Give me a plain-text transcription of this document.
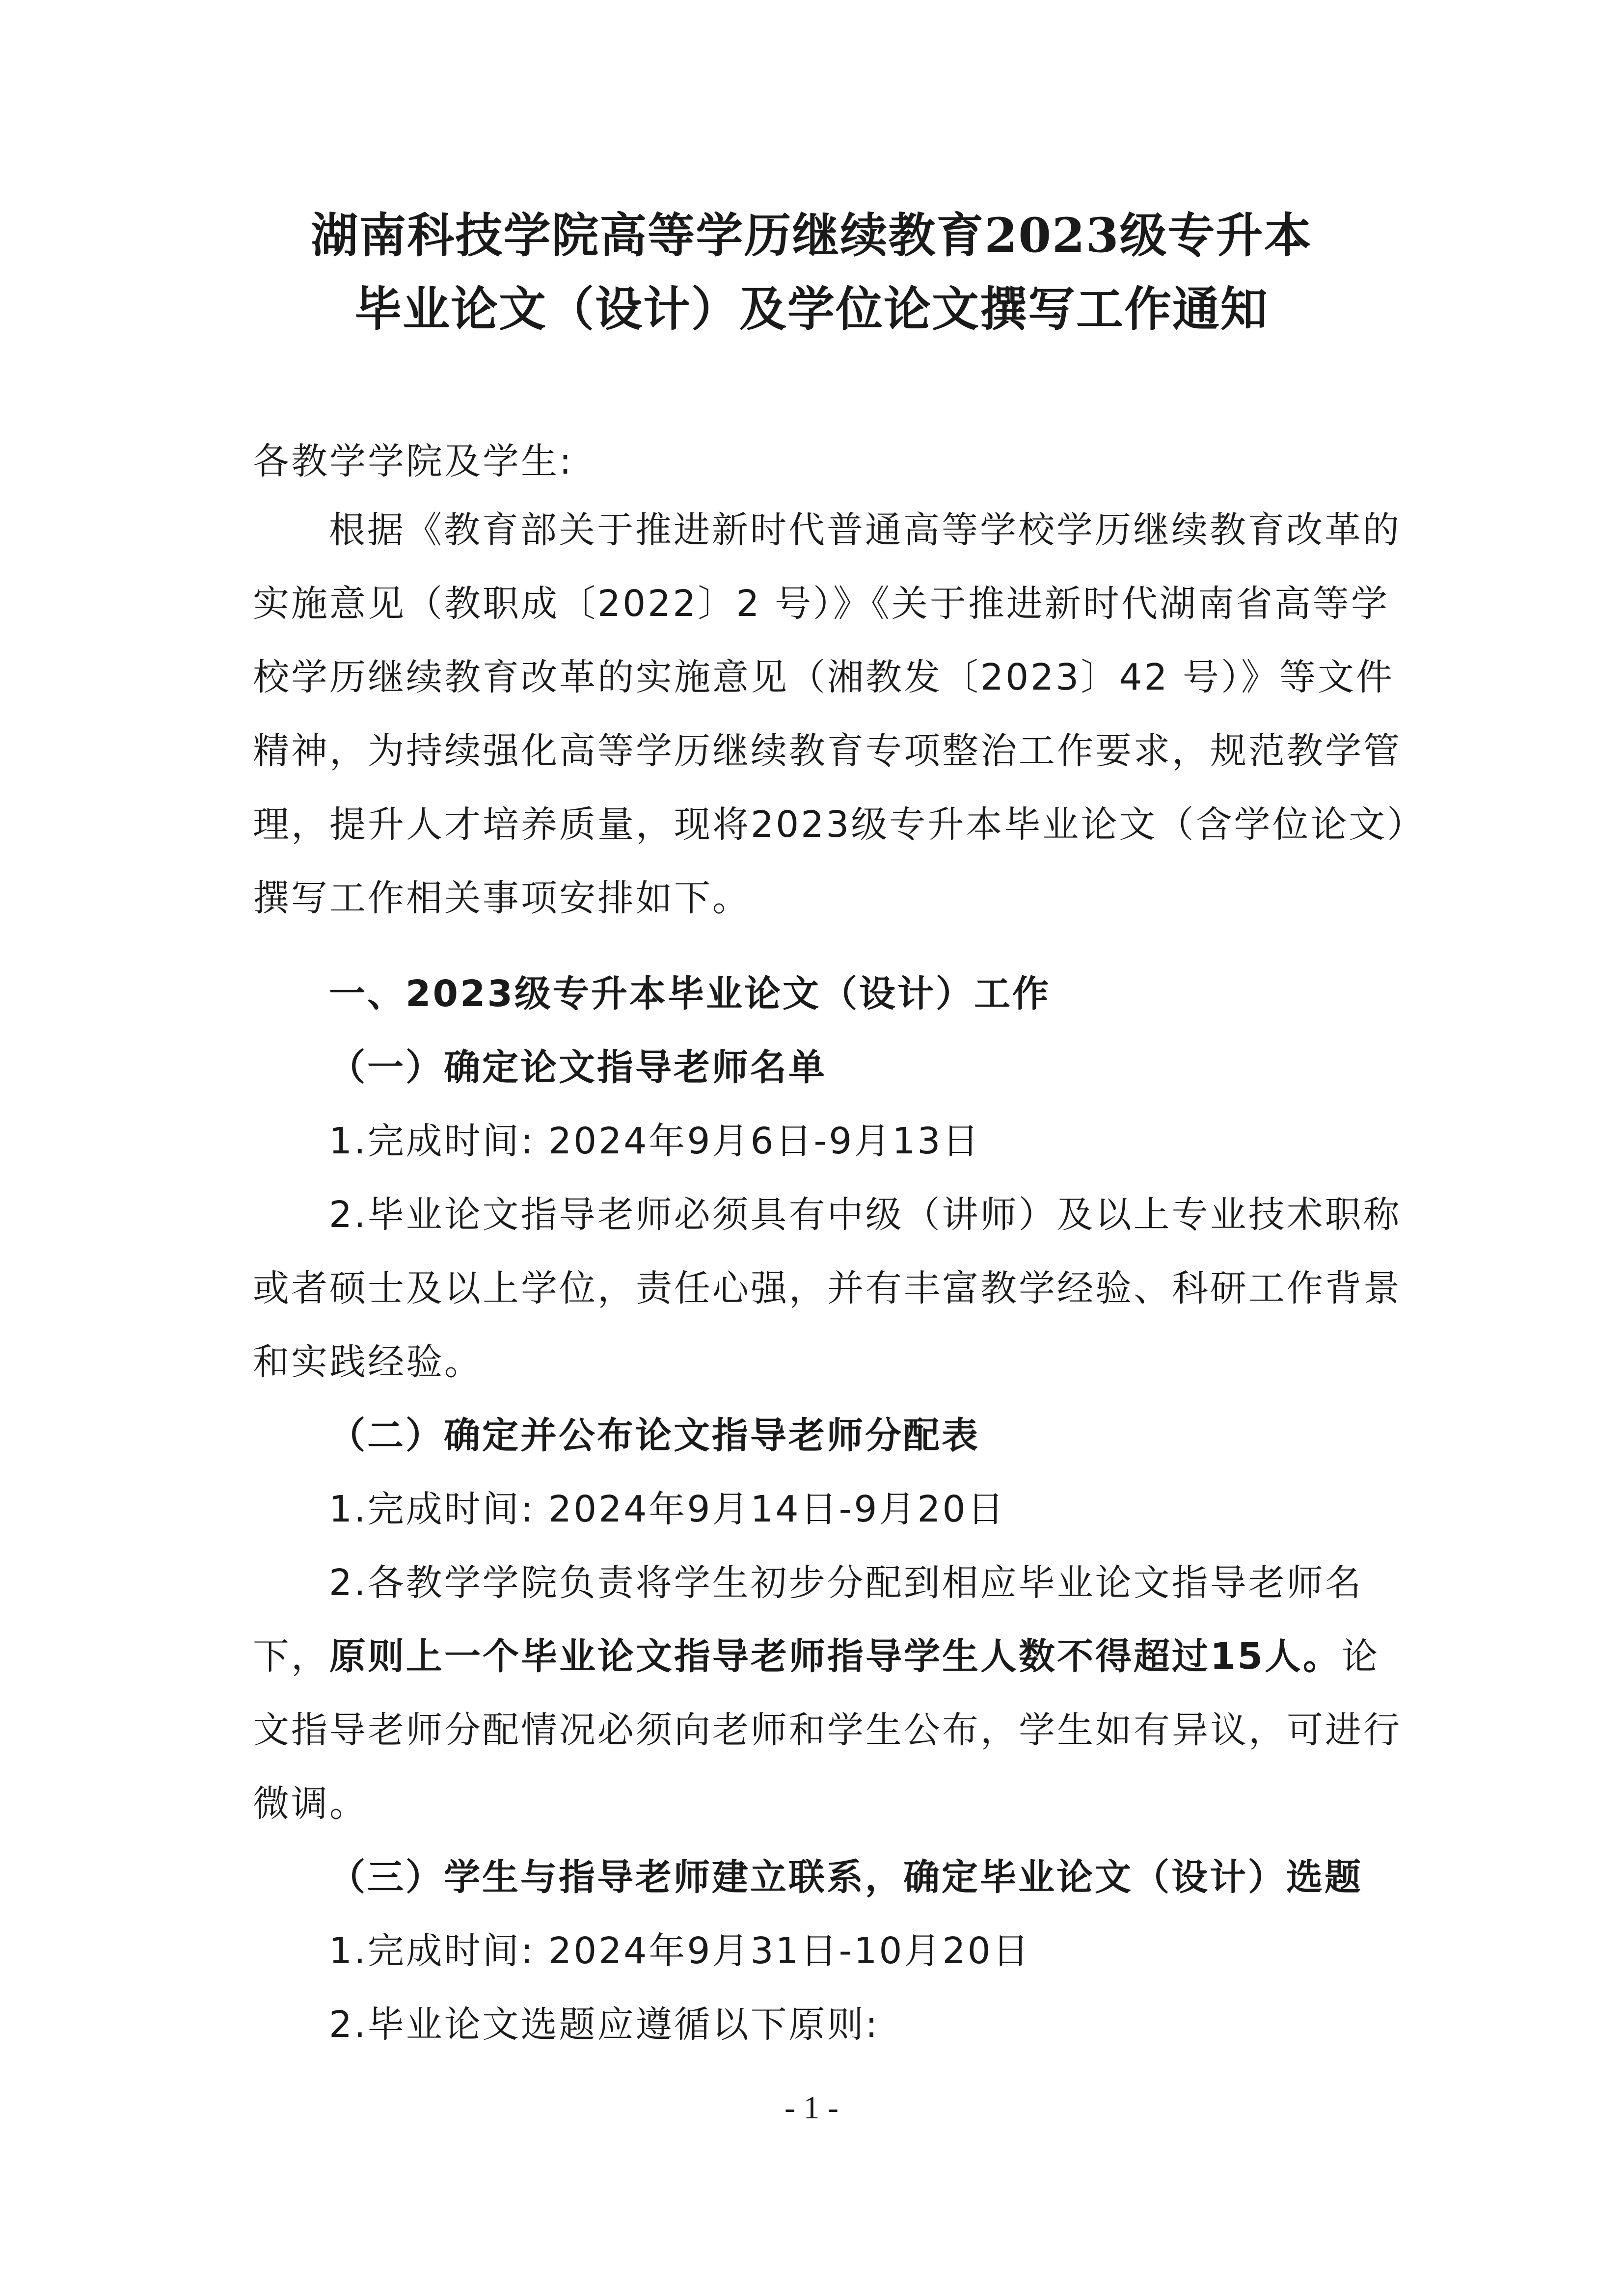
湖南科技学院高等学历继续教育2023级专升本
毕业论文（设计）及学位论文撰写工作通知
各教学学院及学生:
根据《教育部关于推进新时代普通高等学校学历继续教育改革的
实施意见（教职成〔2022〕2 号）》《关于推进新时代湖南省高等学
校学历继续教育改革的实施意见（湘教发〔2023〕42 号）》等文件
精神，为持续强化高等学历继续教育专项整治工作要求，规范教学管
理，提升人才培养质量，现将2023级专升本毕业论文（含学位论文）
撰写工作相关事项安排如下。
一、2023级专升本毕业论文（设计）工作
（一）确定论文指导老师名单
1.完成时间: 2024年9月6日-9月13日
2.毕业论文指导老师必须具有中级（讲师）及以上专业技术职称
或者硕士及以上学位，责任心强，并有丰富教学经验、科研工作背景
和实践经验。
（二）确定并公布论文指导老师分配表
1.完成时间: 2024年9月14日-9月20日
2.各教学学院负责将学生初步分配到相应毕业论文指导老师名
下，原则上一个毕业论文指导老师指导学生人数不得超过15人。论
文指导老师分配情况必须向老师和学生公布，学生如有异议，可进行
微调。
（三）学生与指导老师建立联系，确定毕业论文（设计）选题
1.完成时间: 2024年9月31日-10月20日
2.毕业论文选题应遵循以下原则:
- 1 -
